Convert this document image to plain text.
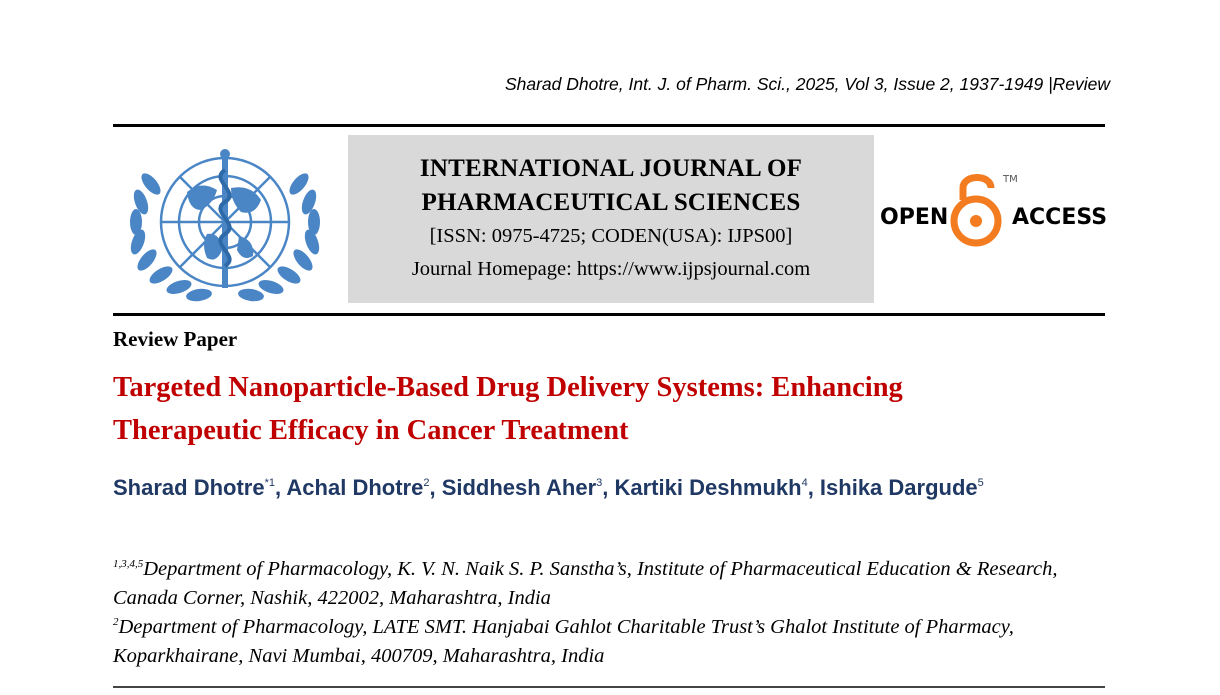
Sharad Dhotre, Int. J. of Pharm. Sci., 2025, Vol 3, Issue 2, 1937-1949 |Review
INTERNATIONAL JOURNAL OF
PHARMACEUTICAL SCIENCES
[ISSN: 0975-4725; CODEN(USA): IJPS00]
Journal Homepage: https://www.ijpsjournal.com
OPEN
TM
ACCESS
Review Paper
Targeted Nanoparticle-Based Drug Delivery Systems: Enhancing
Therapeutic Efficacy in Cancer Treatment
Sharad Dhotre$^{*1}$, Achal Dhotre$^2$, Siddhesh Aher$^3$, Kartiki Deshmukh$^4$, Ishika Dargude$^5$
$^{1,3,4,5}$Department of Pharmacology, K. V. N. Naik S. P. Sanstha’s, Institute of Pharmaceutical Education & Research, Canada Corner, Nashik, 422002, Maharashtra, India
$^2$Department of Pharmacology, LATE SMT. Hanjabai Gahlot Charitable Trust’s Ghalot Institute of Pharmacy, Koparkhairane, Navi Mumbai, 400709, Maharashtra, India
